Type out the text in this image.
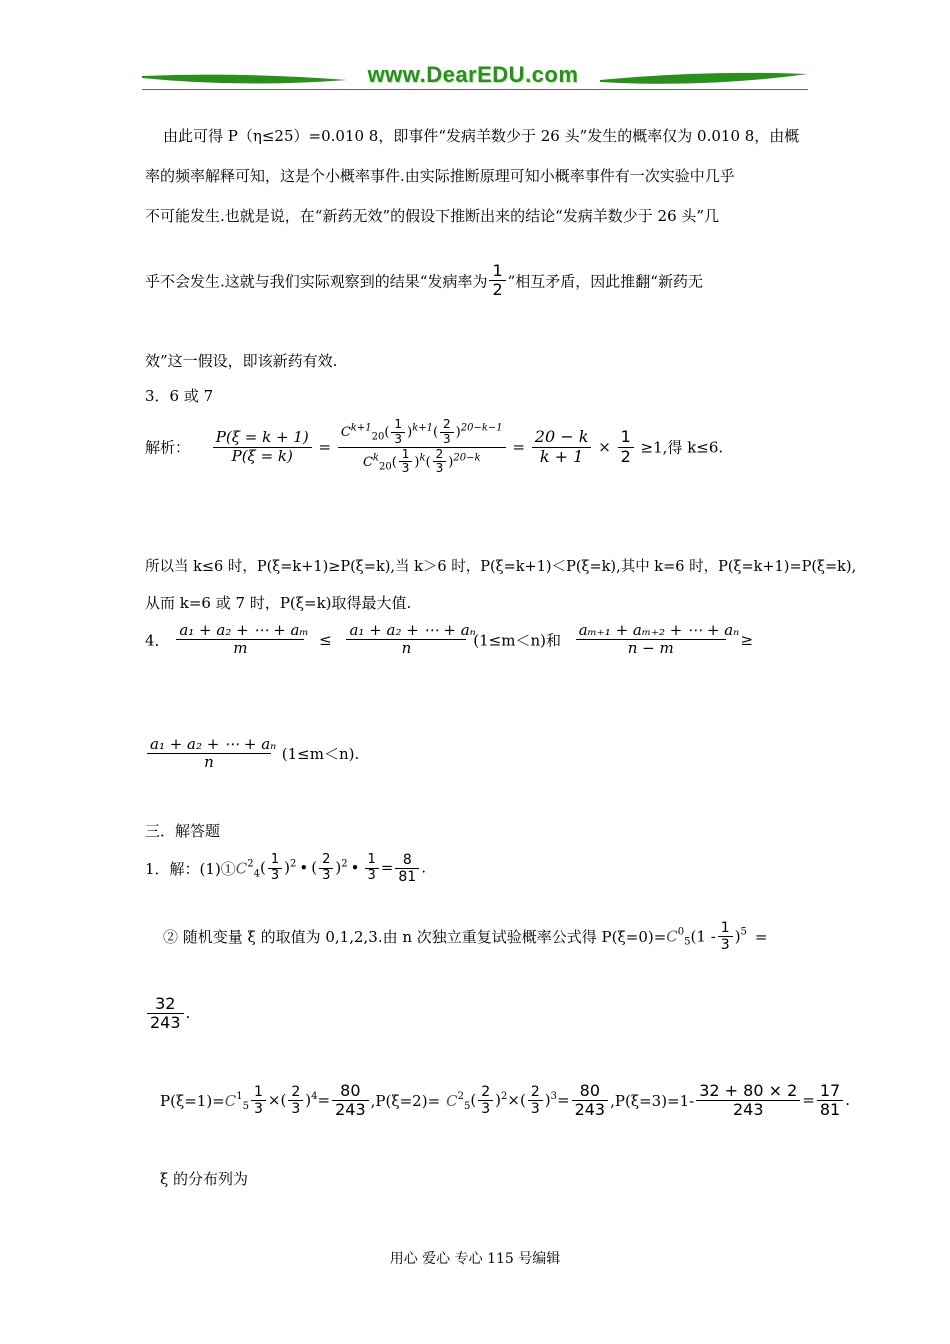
www.DearEDU.com
由此可得 P（η≤25）=0.010 8，即事件“发病羊数少于 26 头”发生的概率仅为 0.010 8，由概
率的频率解释可知，这是个小概率事件.由实际推断原理可知小概率事件有一次实验中几乎
不可能发生.也就是说，在“新药无效”的假设下推断出来的结论“发病羊数少于 26 头”几
乎不会发生.这就与我们实际观察到的结果“发病率为 $\frac{1}{2}$ ”相互矛盾，因此推翻“新药无
效”这一假设，即该新药有效.
3．6 或 7
解析： $\frac{P(\xi = k + 1)}{P(\xi = k)} = \frac{C^{k+1}_{20}( \frac{1}{3} )^{k+1}( \frac{2}{3} )^{20-k-1}}{C^k_{20}( \frac{1}{3} )^k( \frac{2}{3} )^{20-k}} = \frac{20 - k}{k + 1} \times \frac{1}{2} \ge 1$,得 k≤6.
所以当 k≤6 时，P(ξ=k+1)≥P(ξ=k),当 k＞6 时，P(ξ=k+1)＜P(ξ=k),其中 k=6 时，P(ξ=k+1)=P(ξ=k),
从而 k=6 或 7 时，P(ξ=k)取得最大值.
4． $\frac{\text{a₁ + a₂ + ⋯ + aₘ}}{m} \le \frac{\text{a₁ + a₂ + ⋯ + aₙ}}{n} (1\le m<n)$和 $\frac{\text{aₘ₊₁ + aₘ₊₂ + ⋯ + aₙ}}{n - m}$ ≥
$\frac{\text{a₁ + a₂ + ⋯ + aₙ}}{n} (1\le m<n)$.
三．解答题
1．解：$(1)①C^2_4( \frac{1}{3} )^2$ • ( $\frac{2}{3} )^2$ • $\frac{1}{3} = \frac{8}{81}$ .
② 随机变量 ξ 的取值为 0,1,2,3.由 n 次独立重复试验概率公式得 $P(\xi=0)=C^0_5(1 - \frac{1}{3} )^5$ =
$\frac{32}{243}$ .
$P(\xi=1)=C^1_5 \frac{1}{3}$ ×( $\frac{2}{3} )^4= \frac{80}{243} ,P(\xi=2)= C^2_5( \frac{2}{3} )^2\times( \frac{2}{3} )^3= \frac{80}{243} ,P(\xi=3)=1- \frac{32 + 80 \times 2}{243} = \frac{17}{81}$ .
ξ 的分布列为
用心 爱心 专心 115 号编辑
